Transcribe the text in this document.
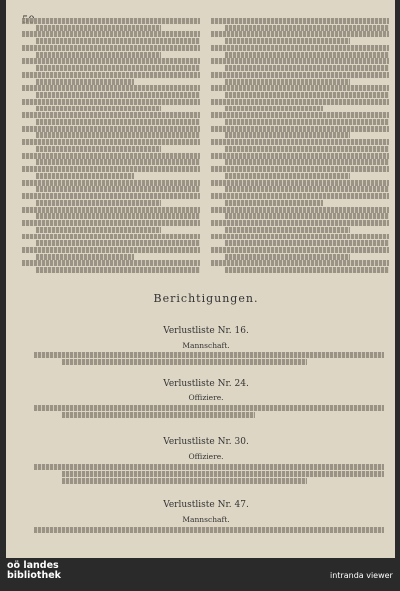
Berichtigungen.
Verlustliste Nr. 16.
Mannschaft.
Verlustliste Nr. 24.
Offiziere.
Verlustliste Nr. 30.
Offiziere.
Verlustliste Nr. 47.
Mannschaft.
oö landes
bibliothek	intranda viewer
